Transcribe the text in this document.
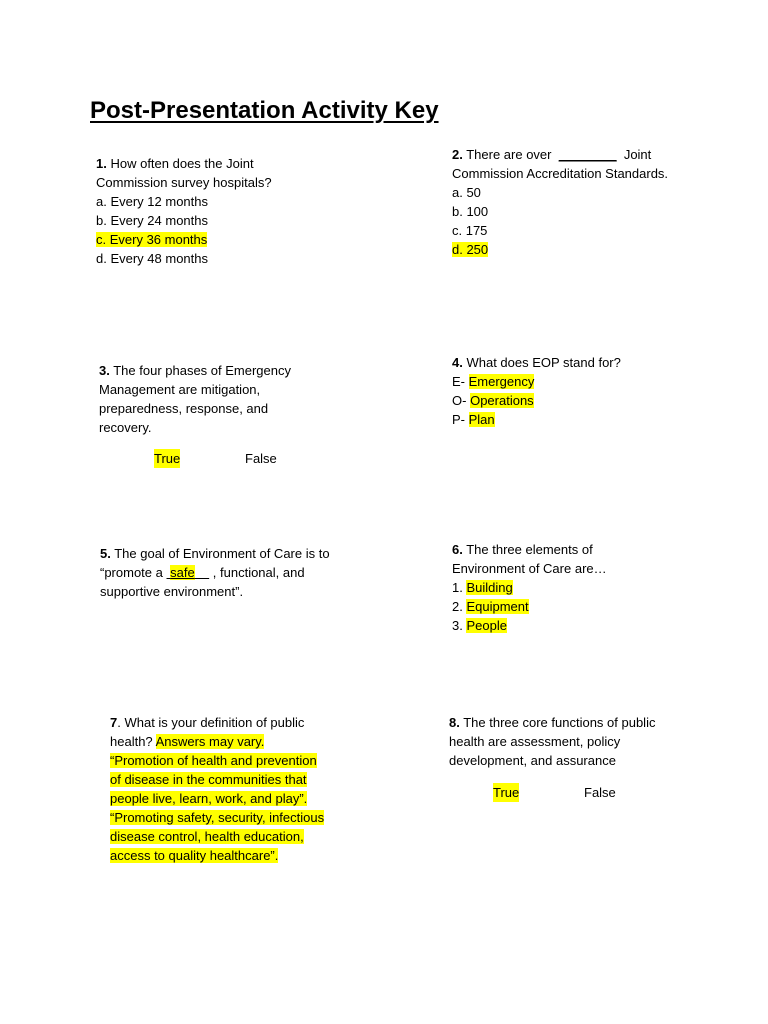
Post-Presentation Activity Key

1. How often does the Joint Commission survey hospitals?

a. Every 12 months

b. Every 24 months

c. Every 36 months

d. Every 48 months

2. There are over ________ Joint Commission Accreditation Standards.

a. 50

b. 100

c. 175

d. 250

3. The four phases of Emergency Management are mitigation, preparedness, response, and recovery.

True	False

4. What does EOP stand for?

E- Emergency

O- Operations

P- Plan

5. The goal of Environment of Care is to “promote a safe , functional, and supportive environment”.

6. The three elements of Environment of Care are…

1. Building

2. Equipment

3. People

7. What is your definition of public health? Answers may vary. “Promotion of health and prevention of disease in the communities that people live, learn, work, and play”. “Promoting safety, security, infectious disease control, health education, access to quality healthcare”.

8. The three core functions of public health are assessment, policy development, and assurance

True	False
